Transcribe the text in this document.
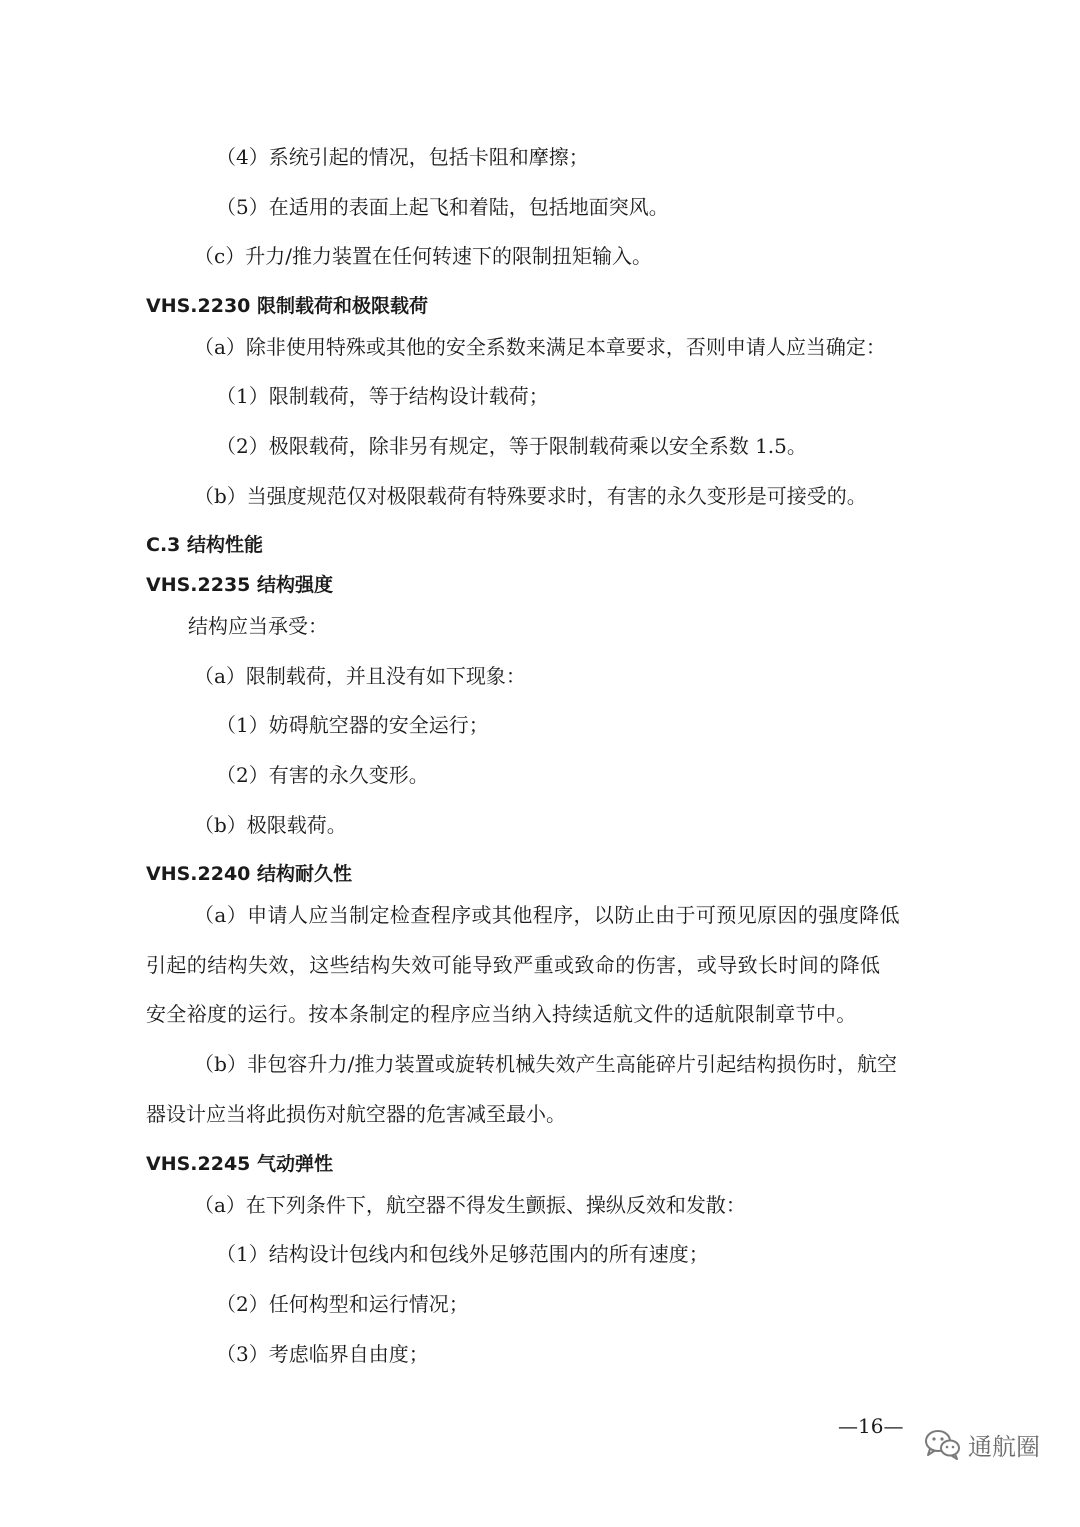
（4）系统引起的情况，包括卡阻和摩擦；
（5）在适用的表面上起飞和着陆，包括地面突风。
（c）升力/推力装置在任何转速下的限制扭矩输入。
VHS.2230 限制载荷和极限载荷
（a）除非使用特殊或其他的安全系数来满足本章要求，否则申请人应当确定：
（1）限制载荷，等于结构设计载荷；
（2）极限载荷，除非另有规定，等于限制载荷乘以安全系数 1.5。
（b）当强度规范仅对极限载荷有特殊要求时，有害的永久变形是可接受的。
C.3 结构性能
VHS.2235 结构强度
结构应当承受：
（a）限制载荷，并且没有如下现象：
（1）妨碍航空器的安全运行；
（2）有害的永久变形。
（b）极限载荷。
VHS.2240 结构耐久性
（a）申请人应当制定检查程序或其他程序，以防止由于可预见原因的强度降低
引起的结构失效，这些结构失效可能导致严重或致命的伤害，或导致长时间的降低
安全裕度的运行。按本条制定的程序应当纳入持续适航文件的适航限制章节中。
（b）非包容升力/推力装置或旋转机械失效产生高能碎片引起结构损伤时，航空
器设计应当将此损伤对航空器的危害减至最小。
VHS.2245 气动弹性
（a）在下列条件下，航空器不得发生颤振、操纵反效和发散：
（1）结构设计包线内和包线外足够范围内的所有速度；
（2）任何构型和运行情况；
（3）考虑临界自由度；
—16—
通航圈
